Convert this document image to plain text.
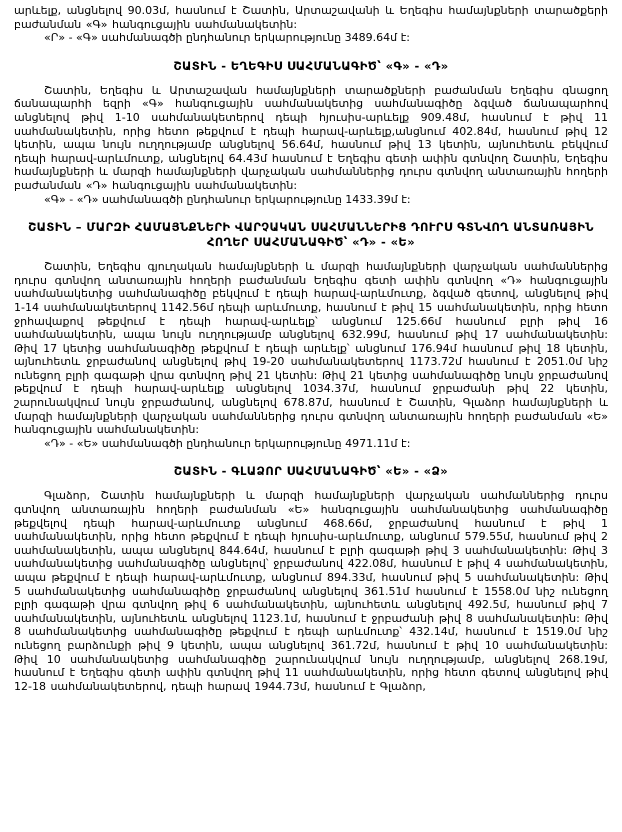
արևելք, անցնելով 90.03մ, հասնում է Շատին, Արտաշավանի և Եղեգիս համայնքների տարածքերի բաժանման «Գ» հանգուցային սահմանակետին:

«Ր» - «Գ» սահմանագծի ընդհանուր երկարությունը 3489.64մ է:

ՇԱՏԻՆ - ԵՂԵԳԻՍ ՍԱՀՄԱՆԱԳԻԾ՝ «Գ» - «Դ»

Շատին, Եղեգիս և Արտաշավան համայնքների տարածքների բաժանման Եղեգիս գնացող ճանապարհի եզրի «Գ» հանգուցային սահմանակետից սահմանագիծը ձգված ճանապարհով անցնելով թիվ 1-10 սահմանակետերով դեպի հյուսիս-արևելք 909.48մ, հասնում է թիվ 11 սահմանակետին, որից հետո թեքվում է դեպի հարավ-արևելք,անցնում 402.84մ, հասնում թիվ 12 կետին, ապա նույն ուղղությամբ անցնելով 56.64մ, հասնում թիվ 13 կետին, այնուհետև բեկվում դեպի հարավ-արևմուտք, անցնելով 64.43մ հասնում է Եղեգիս գետի ափին գտնվող Շատին, Եղեգիս համայնքների և մարզի համայնքների վարչական սահմաններից դուրս գտնվող անտառային հողերի բաժանման «Դ» հանգուցային սահմանակետին:

«Գ» - «Դ» սահմանագծի ընդհանուր երկարությունը 1433.39մ է:

ՇԱՏԻՆ – ՄԱՐԶԻ ՀԱՄԱՅՆՔՆԵՐԻ ՎԱՐՉԱԿԱՆ ՍԱՀՄԱՆՆԵՐԻՑ ԴՈՒՐՍ ԳՏՆՎՈՂ ԱՆՏԱՌԱՅԻՆ ՀՈՂԵՐ ՍԱՀՄԱՆԱԳԻԾ՝ «Դ» - «Ե»

Շատին, Եղեգիս գյուղական համայնքների և մարզի համայնքների վարչական սահմաններից դուրս գտնվող անտառային հողերի բաժանման Եղեգիս գետի ափին գտնվող «Դ» հանգուցային սահմանակետից սահմանագիծը բեկվում է դեպի հարավ-արևմուտք, ձգված գետով, անցնելով թիվ 1-14 սահմանակետերով 1142.56մ դեպի արևմուտք, հասնում է թիվ 15 սահմանակետին, որից հետո ջրհավաքով թեքվում է դեպի հարավ-արևելք՝ անցնում 125.66մ հասնում բլրի թիվ 16 սահմանակետին, ապա նույն ուղղությամբ անցնելով 632.99մ, հասնում թիվ 17 սահմանակետին: Թիվ 17 կետից սահմանագիծը թեքվում է դեպի արևելք՝ անցնում 176.94մ հասնում թիվ 18 կետին, այնուհետև ջրբաժանով անցնելով թիվ 19-20 սահմանակետերով 1173.72մ հասնում է 2051.0մ նիշ ունեցող բլրի գագաթի վրա գտնվող թիվ 21 կետին: Թիվ 21 կետից սահմանագիծը նույն ջրբաժանով թեքվում է դեպի հարավ-արևելք անցնելով 1034.37մ, հասնում ջրբաժանի թիվ 22 կետին, շարունակվում նույն ջրբաժանով, անցնելով 678.87մ, հասնում է Շատին, Գլաձոր համայնքների և մարզի համայնքների վարչական սահմաններից դուրս գտնվող անտառային հողերի բաժանման «Ե» հանգուցային սահմանակետին:

«Դ» - «Ե» սահմանագծի ընդհանուր երկարությունը 4971.11մ է:

ՇԱՏԻՆ - ԳԼԱՁՈՐ ՍԱՀՄԱՆԱԳԻԾ՝ «Ե» - «Ձ»

Գլաձոր, Շատին համայնքների և մարզի համայնքների վարչական սահմաններից դուրս գտնվող անտառային հողերի բաժանման «Ե» հանգուցային սահմանակետից սահմանագիծը թեքվելով դեպի հարավ-արևմուտք անցնում 468.66մ, ջրբաժանով հասնում է թիվ 1 սահմանակետին, որից հետո թեքվում է դեպի հյուսիս-արևմուտք, անցնում 579.55մ, հասնում թիվ 2 սահմանակետին, ապա անցնելով 844.64մ, հասնում է բլրի գագաթի թիվ 3 սահմանակետին: Թիվ 3 սահմանակետից սահմանագիծը անցնելով՝ ջրբաժանով 422.08մ, հասնում է թիվ 4 սահմանակետին, ապա թեքվում է դեպի հարավ-արևմուտք, անցնում 894.33մ, հասնում թիվ 5 սահմանակետին: Թիվ 5 սահմանակետից սահմանագիծը ջրբաժանով անցնելով 361.51մ հասնում է 1558.0մ նիշ ունեցող բլրի գագաթի վրա գտնվող թիվ 6 սահմանակետին, այնուհետև անցնելով 492.5մ, հասնում թիվ 7 սահմանակետին, այնուհետև անցնելով 1123.1մ, հասնում է ջրբաժանի թիվ 8 սահմանակետին: Թիվ 8 սահմանակետից սահմանագիծը թեքվում է դեպի արևմուտք՝ 432.14մ, հասնում է 1519.0մ նիշ ունեցող բարձունքի թիվ 9 կետին, ապա անցնելով 361.72մ, հասնում է թիվ 10 սահմանակետին: Թիվ 10 սահմանակետից սահմանագիծը շարունակվում նույն ուղղությամբ, անցնելով 268.19մ, հասնում է Եղեգիս գետի ափին գտնվող թիվ 11 սահմանակետին, որից հետո գետով անցնելով թիվ 12-18 սահմանակետերով, դեպի հարավ 1944.73մ, հասնում է Գլաձոր,
